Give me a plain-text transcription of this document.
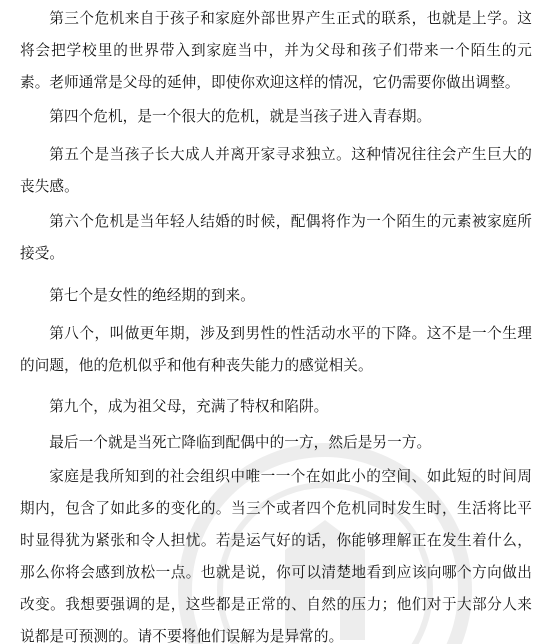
第三个危机来自于孩子和家庭外部世界产生正式的联系，也就是上学。这将会把学校里的世界带入到家庭当中，并为父母和孩子们带来一个陌生的元素。老师通常是父母的延伸，即使你欢迎这样的情况，它仍需要你做出调整。

第四个危机，是一个很大的危机，就是当孩子进入青春期。

第五个是当孩子长大成人并离开家寻求独立。这种情况往往会产生巨大的丧失感。

第六个危机是当年轻人结婚的时候，配偶将作为一个陌生的元素被家庭所接受。

第七个是女性的绝经期的到来。

第八个，叫做更年期，涉及到男性的性活动水平的下降。这不是一个生理的问题，他的危机似乎和他有种丧失能力的感觉相关。

第九个，成为祖父母，充满了特权和陷阱。

最后一个就是当死亡降临到配偶中的一方，然后是另一方。

家庭是我所知到的社会组织中唯一一个在如此小的空间、如此短的时间周期内，包含了如此多的变化的。当三个或者四个危机同时发生时，生活将比平时显得犹为紧张和令人担忧。若是运气好的话，你能够理解正在发生着什么，那么你将会感到放松一点。也就是说，你可以清楚地看到应该向哪个方向做出改变。我想要强调的是，这些都是正常的、自然的压力；他们对于大部分人来说都是可预测的。请不要将他们误解为是异常的。
